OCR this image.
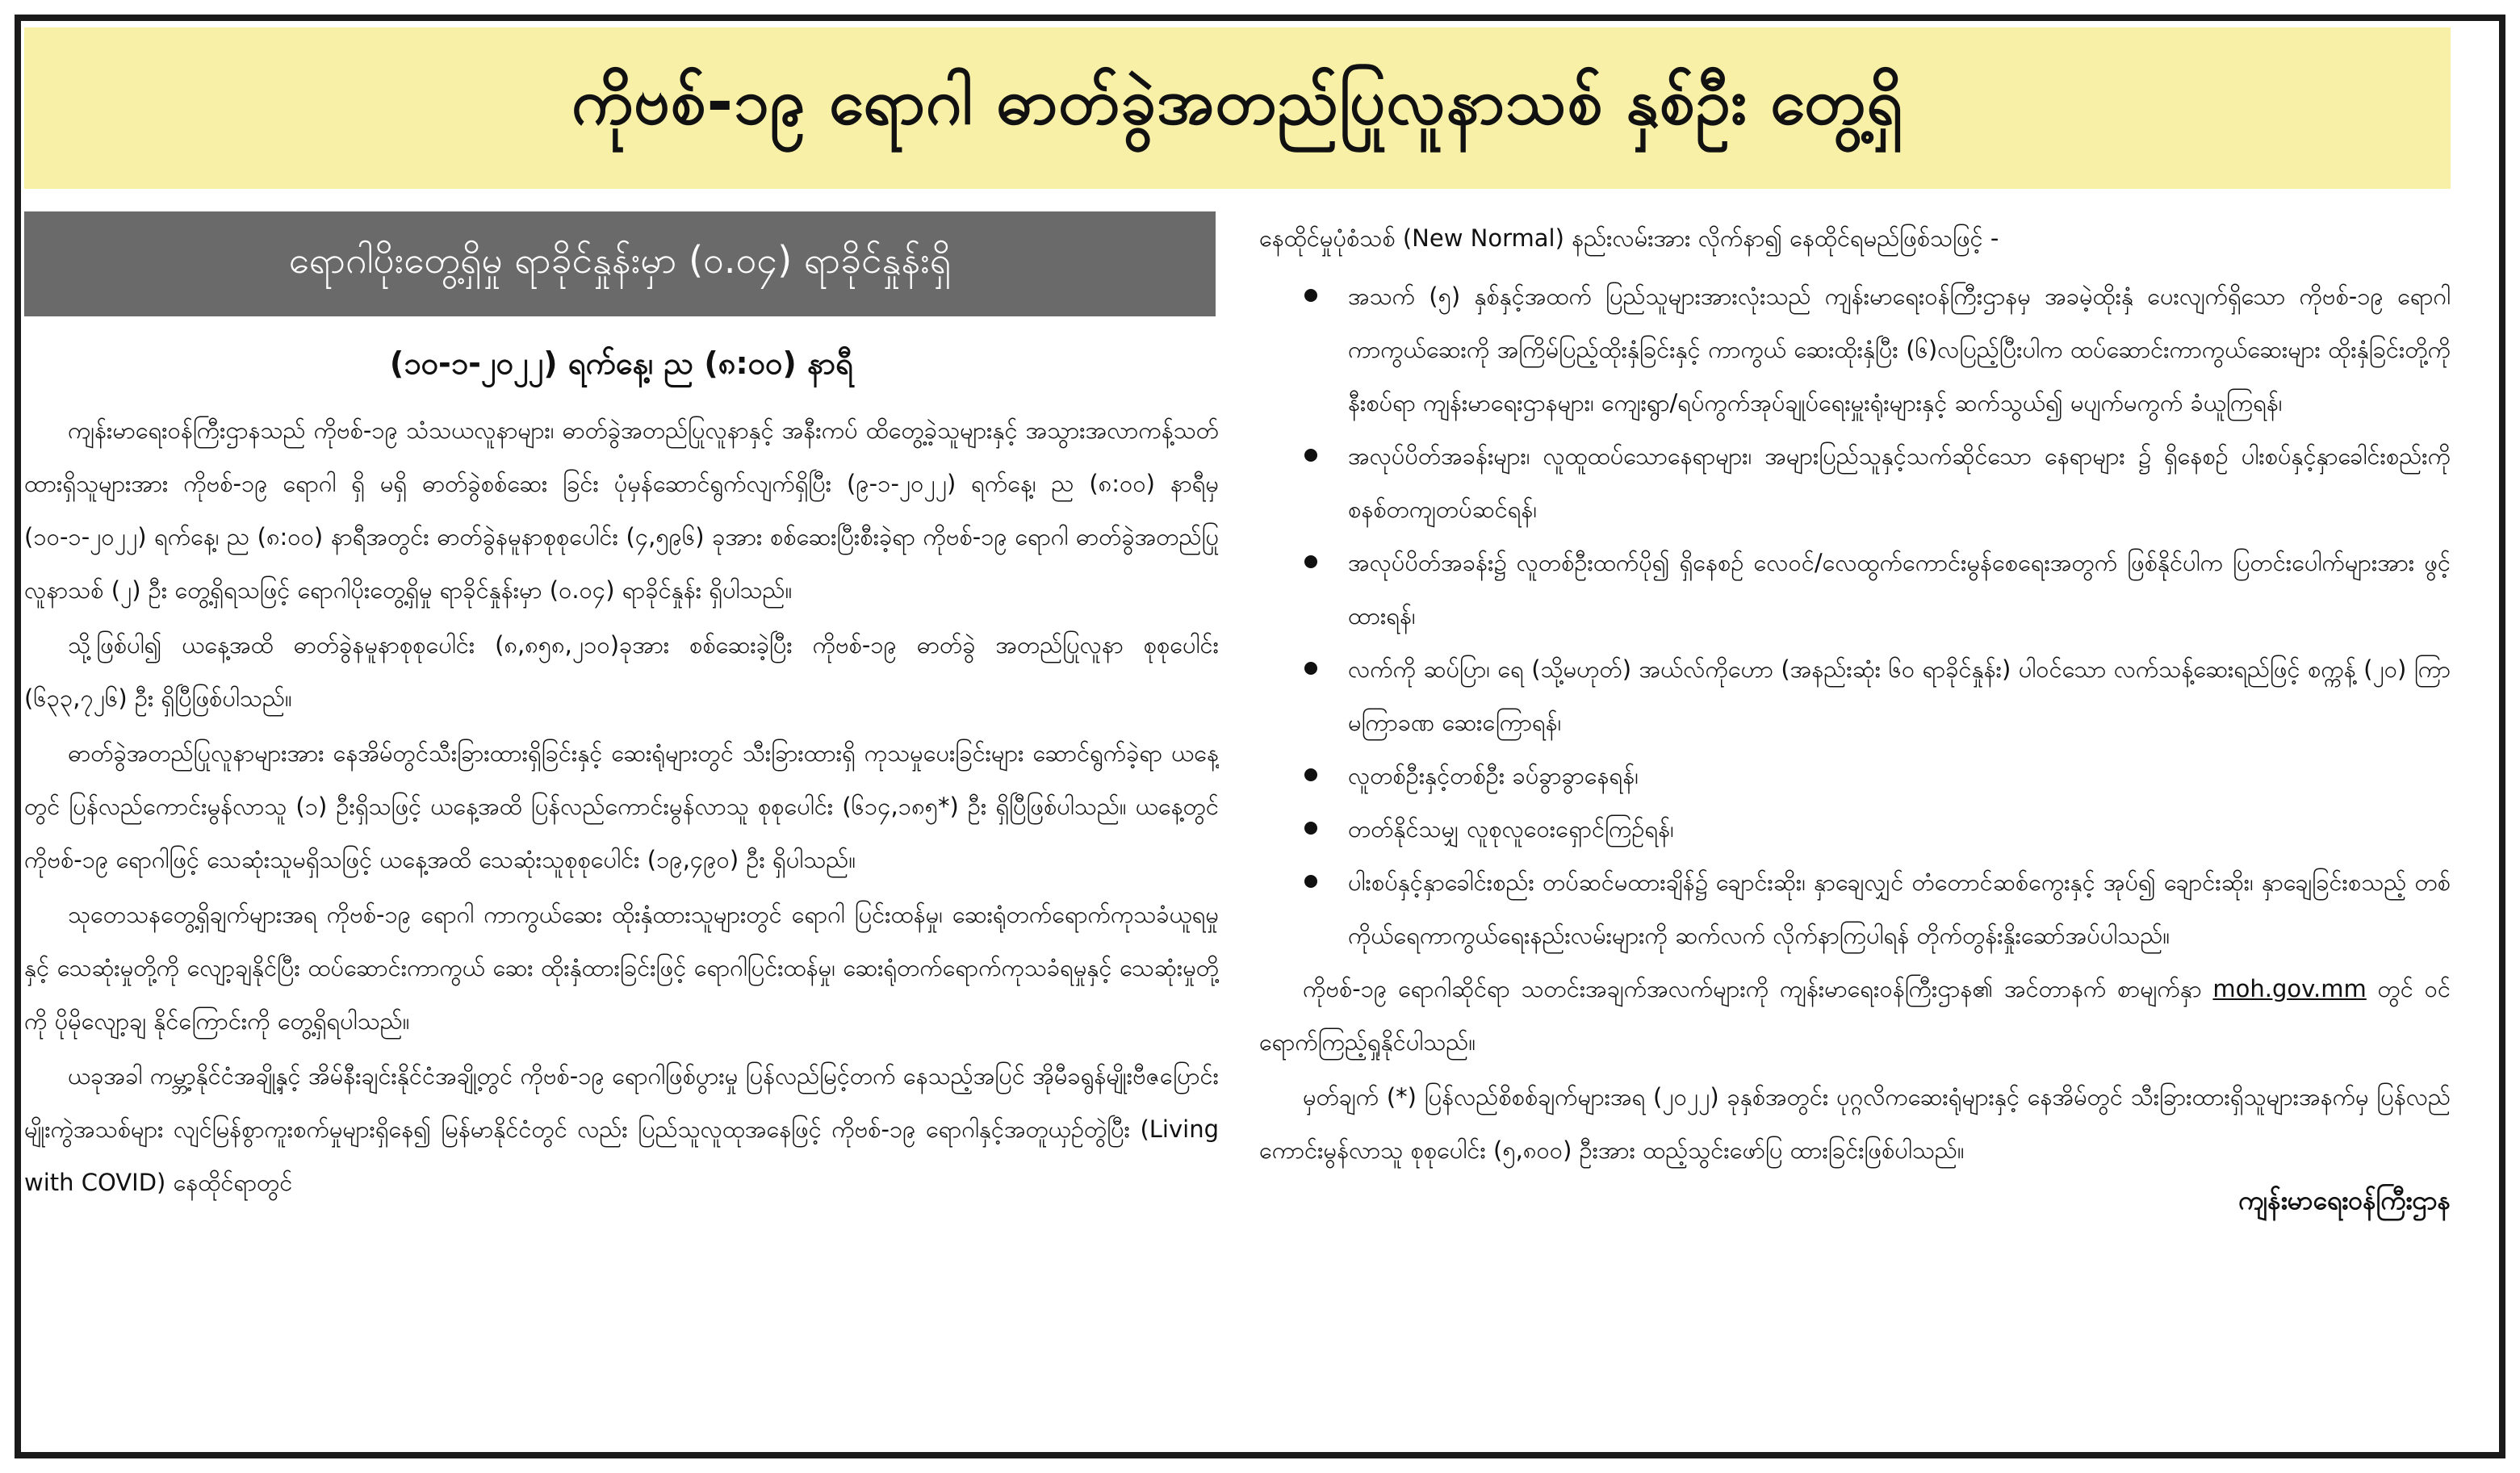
ကိုဗစ်-၁၉ ရောဂါ ဓာတ်ခွဲအတည်ပြုလူနာသစ် နှစ်ဦး တွေ့ရှိ
ရောဂါပိုးတွေ့ရှိမှု ရာခိုင်နှုန်းမှာ (၀.၀၄) ရာခိုင်နှုန်းရှိ
(၁၀-၁-၂၀၂၂) ရက်နေ့၊ ည (၈:၀၀) နာရီ

ကျန်းမာရေးဝန်ကြီးဌာနသည် ကိုဗစ်-၁၉ သံသယလူနာများ၊ ဓာတ်ခွဲအတည်ပြုလူနာနှင့် အနီးကပ် ထိတွေ့ခဲ့သူများနှင့် အသွားအလာကန့်သတ်ထားရှိသူများအား ကိုဗစ်-၁၉ ရောဂါ ရှိ မရှိ ဓာတ်ခွဲစစ်ဆေး ခြင်း ပုံမှန်ဆောင်ရွက်လျက်ရှိပြီး (၉-၁-၂၀၂၂) ရက်နေ့၊ ည (၈:၀၀) နာရီမှ (၁၀-၁-၂၀၂၂) ရက်နေ့၊ ည (၈:၀၀) နာရီအတွင်း ဓာတ်ခွဲနမူနာစုစုပေါင်း (၄,၅၉၆) ခုအား စစ်ဆေးပြီးစီးခဲ့ရာ ကိုဗစ်-၁၉ ရောဂါ ဓာတ်ခွဲအတည်ပြုလူနာသစ် (၂) ဦး တွေ့ရှိရသဖြင့် ရောဂါပိုးတွေ့ရှိမှု ရာခိုင်နှုန်းမှာ (၀.၀၄) ရာခိုင်နှုန်း ရှိပါသည်။

သို့ဖြစ်ပါ၍ ယနေ့အထိ ဓာတ်ခွဲနမူနာစုစုပေါင်း (၈,၈၅၈,၂၁၀)ခုအား စစ်ဆေးခဲ့ပြီး ကိုဗစ်-၁၉ ဓာတ်ခွဲ အတည်ပြုလူနာ စုစုပေါင်း (၆၃၃,၇၂၆) ဦး ရှိပြီဖြစ်ပါသည်။

ဓာတ်ခွဲအတည်ပြုလူနာများအား နေအိမ်တွင်သီးခြားထားရှိခြင်းနှင့် ဆေးရုံများတွင် သီးခြားထားရှိ ကုသမှုပေးခြင်းများ ဆောင်ရွက်ခဲ့ရာ ယနေ့တွင် ပြန်လည်ကောင်းမွန်လာသူ (၁) ဦးရှိသဖြင့် ယနေ့အထိ ပြန်လည်ကောင်းမွန်လာသူ စုစုပေါင်း (၆၁၄,၁၈၅*) ဦး ရှိပြီဖြစ်ပါသည်။ ယနေ့တွင် ကိုဗစ်-၁၉ ရောဂါဖြင့် သေဆုံးသူမရှိသဖြင့် ယနေ့အထိ သေဆုံးသူစုစုပေါင်း (၁၉,၄၉၀) ဦး ရှိပါသည်။

သုတေသနတွေ့ရှိချက်များအရ ကိုဗစ်-၁၉ ရောဂါ ကာကွယ်ဆေး ထိုးနှံထားသူများတွင် ရောဂါ ပြင်းထန်မှု၊ ဆေးရုံတက်ရောက်ကုသခံယူရမှုနှင့် သေဆုံးမှုတို့ကို လျော့ချနိုင်ပြီး ထပ်ဆောင်းကာကွယ် ဆေး ထိုးနှံထားခြင်းဖြင့် ရောဂါပြင်းထန်မှု၊ ဆေးရုံတက်ရောက်ကုသခံရမှုနှင့် သေဆုံးမှုတို့ကို ပိုမိုလျော့ချ နိုင်ကြောင်းကို တွေ့ရှိရပါသည်။

ယခုအခါ ကမ္ဘာ့နိုင်ငံအချို့နှင့် အိမ်နီးချင်းနိုင်ငံအချို့တွင် ကိုဗစ်-၁၉ ရောဂါဖြစ်ပွားမှု ပြန်လည်မြင့်တက် နေသည့်အပြင် အိုမီခရွန်မျိုးဗီဇပြောင်းမျိုးကွဲအသစ်များ လျင်မြန်စွာကူးစက်မှုများရှိနေ၍ မြန်မာနိုင်ငံတွင် လည်း ပြည်သူလူထုအနေဖြင့် ကိုဗစ်-၁၉ ရောဂါနှင့်အတူယှဉ်တွဲပြီး (Living with COVID) နေထိုင်ရာတွင်

နေထိုင်မှုပုံစံသစ် (New Normal) နည်းလမ်းအား လိုက်နာ၍ နေထိုင်ရမည်ဖြစ်သဖြင့် -

အသက် (၅) နှစ်နှင့်အထက် ပြည်သူများအားလုံးသည် ကျန်းမာရေးဝန်ကြီးဌာနမှ အခမဲ့ထိုးနှံ ပေးလျက်ရှိသော ကိုဗစ်-၁၉ ရောဂါ ကာကွယ်ဆေးကို အကြိမ်ပြည့်ထိုးနှံခြင်းနှင့် ကာကွယ် ဆေးထိုးနှံပြီး (၆)လပြည့်ပြီးပါက ထပ်ဆောင်းကာကွယ်ဆေးများ ထိုးနှံခြင်းတို့ကို နီးစပ်ရာ ကျန်းမာရေးဌာနများ၊ ကျေးရွာ/ရပ်ကွက်အုပ်ချုပ်ရေးမှူးရုံးများနှင့် ဆက်သွယ်၍ မပျက်မကွက် ခံယူကြရန်၊
အလုပ်ပိတ်အခန်းများ၊ လူထူထပ်သောနေရာများ၊ အများပြည်သူနှင့်သက်ဆိုင်သော နေရာများ ၌ ရှိနေစဉ် ပါးစပ်နှင့်နှာခေါင်းစည်းကို စနစ်တကျတပ်ဆင်ရန်၊
အလုပ်ပိတ်အခန်း၌ လူတစ်ဦးထက်ပို၍ ရှိနေစဉ် လေဝင်/လေထွက်ကောင်းမွန်စေရေးအတွက် ဖြစ်နိုင်ပါက ပြတင်းပေါက်များအား ဖွင့်ထားရန်၊
လက်ကို ဆပ်ပြာ၊ ရေ (သို့မဟုတ်) အယ်လ်ကိုဟော (အနည်းဆုံး ၆၀ ရာခိုင်နှုန်း) ပါဝင်သော လက်သန့်ဆေးရည်ဖြင့် စက္ကန့် (၂၀) ကြာ မကြာခဏ ဆေးကြောရန်၊
လူတစ်ဦးနှင့်တစ်ဦး ခပ်ခွာခွာနေရန်၊
တတ်နိုင်သမျှ လူစုလူဝေးရှောင်ကြဉ်ရန်၊
ပါးစပ်နှင့်နှာခေါင်းစည်း တပ်ဆင်မထားချိန်၌ ချောင်းဆိုး၊ နှာချေလျှင် တံတောင်ဆစ်ကွေးနှင့် အုပ်၍ ချောင်းဆိုး၊ နှာချေခြင်းစသည့် တစ်ကိုယ်ရေကာကွယ်ရေးနည်းလမ်းများကို ဆက်လက် လိုက်နာကြပါရန် တိုက်တွန်းနှိုးဆော်အပ်ပါသည်။

ကိုဗစ်-၁၉ ရောဂါဆိုင်ရာ သတင်းအချက်အလက်များကို ကျန်းမာရေးဝန်ကြီးဌာန၏ အင်တာနက် စာမျက်နှာ moh.gov.mm တွင် ဝင်ရောက်ကြည့်ရှုနိုင်ပါသည်။

မှတ်ချက် (*) ပြန်လည်စိစစ်ချက်များအရ (၂၀၂၂) ခုနှစ်အတွင်း ပုဂ္ဂလိကဆေးရုံများနှင့် နေအိမ်တွင် သီးခြားထားရှိသူများအနက်မှ ပြန်လည်ကောင်းမွန်လာသူ စုစုပေါင်း (၅,၈၀၀) ဦးအား ထည့်သွင်းဖော်ပြ ထားခြင်းဖြစ်ပါသည်။

ကျန်းမာရေးဝန်ကြီးဌာန
